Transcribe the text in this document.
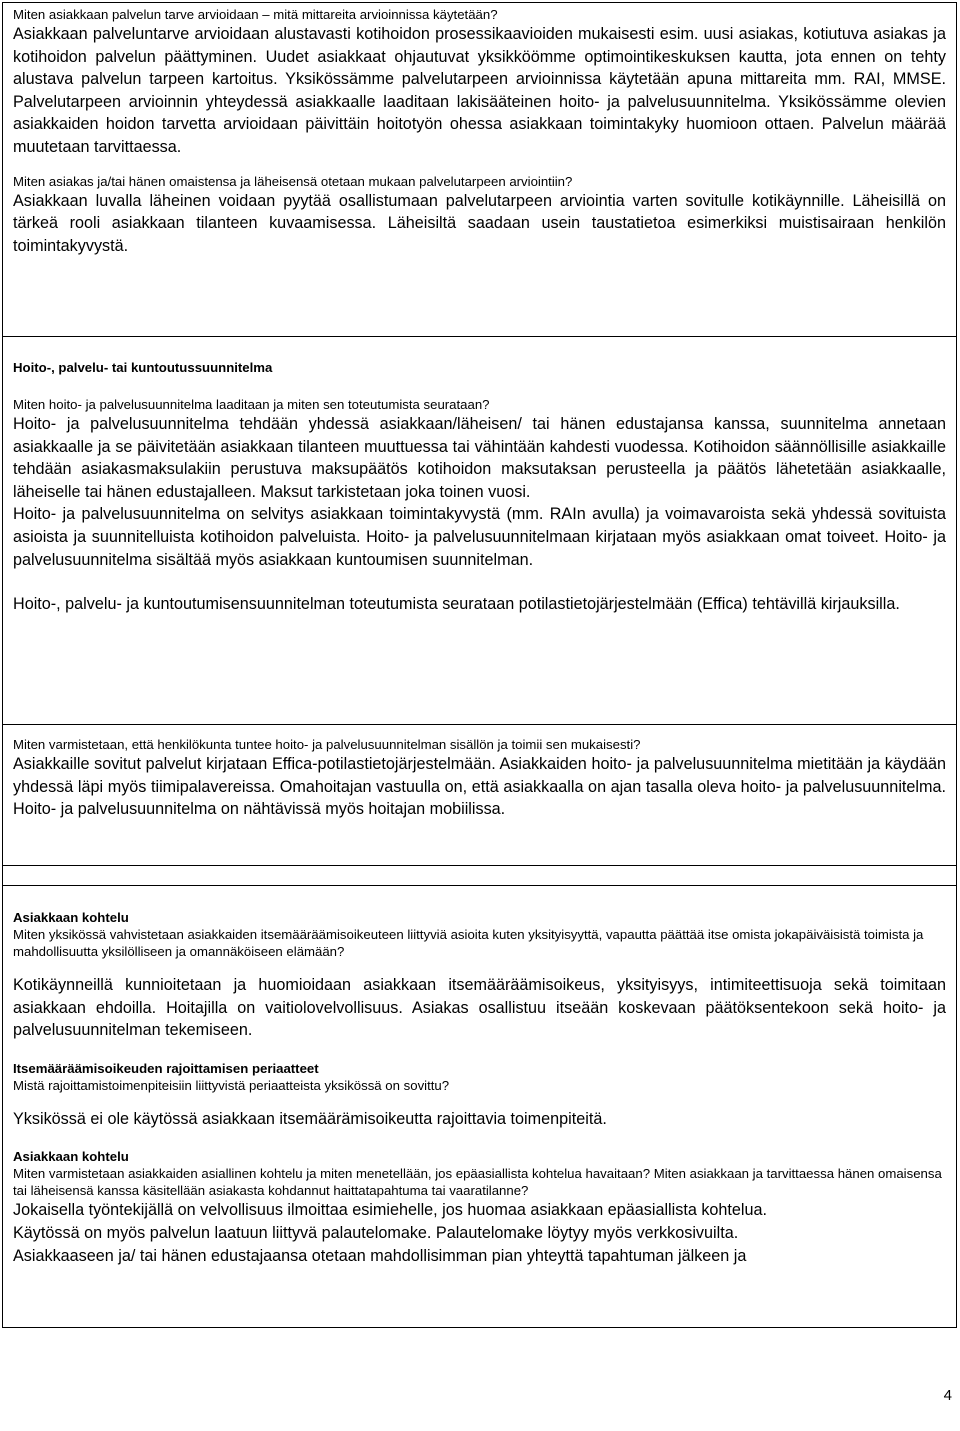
Miten asiakkaan palvelun tarve arvioidaan – mitä mittareita arvioinnissa käytetään?

Asiakkaan palveluntarve arvioidaan alustavasti kotihoidon prosessikaavioiden mukaisesti esim. uusi asiakas, kotiutuva asiakas ja kotihoidon palvelun päättyminen. Uudet asiakkaat ohjautuvat yksikköömme optimointikeskuksen kautta, jota ennen on tehty alustava palvelun tarpeen kartoitus. Yksikössämme palvelutarpeen arvioinnissa käytetään apuna mittareita mm. RAI, MMSE. Palvelutarpeen arvioinnin yhteydessä asiakkaalle laaditaan lakisääteinen hoito- ja palvelusuunnitelma. Yksikössämme olevien asiakkaiden hoidon tarvetta arvioidaan päivittäin hoitotyön ohessa asiakkaan toimintakyky huomioon ottaen. Palvelun määrää muutetaan tarvittaessa.

Miten asiakas ja/tai hänen omaistensa ja läheisensä otetaan mukaan palvelutarpeen arviointiin?

Asiakkaan luvalla läheinen voidaan pyytää osallistumaan palvelutarpeen arviointia varten sovitulle kotikäynnille. Läheisillä on tärkeä rooli asiakkaan tilanteen kuvaamisessa. Läheisiltä saadaan usein taustatietoa esimerkiksi muistisairaan henkilön toimintakyvystä.

Hoito-, palvelu- tai kuntoutussuunnitelma

Miten hoito- ja palvelusuunnitelma laaditaan ja miten sen toteutumista seurataan?

Hoito- ja palvelusuunnitelma tehdään yhdessä asiakkaan/läheisen/ tai hänen edustajansa kanssa, suunnitelma annetaan asiakkaalle ja se päivitetään asiakkaan tilanteen muuttuessa tai vähintään kahdesti vuodessa. Kotihoidon säännöllisille asiakkaille tehdään asiakasmaksulakiin perustuva maksupäätös kotihoidon maksutaksan perusteella ja päätös lähetetään asiakkaalle, läheiselle tai hänen edustajalleen. Maksut tarkistetaan joka toinen vuosi.

Hoito- ja palvelusuunnitelma on selvitys asiakkaan toimintakyvystä (mm. RAIn avulla) ja voimavaroista sekä yhdessä sovituista asioista ja suunnitelluista kotihoidon palveluista. Hoito- ja palvelusuunnitelmaan kirjataan myös asiakkaan omat toiveet. Hoito- ja palvelusuunnitelma sisältää myös asiakkaan kuntoumisen suunnitelman.

Hoito-, palvelu- ja kuntoutumisensuunnitelman toteutumista seurataan potilastietojärjestelmään (Effica) tehtävillä kirjauksilla.

Miten varmistetaan, että henkilökunta tuntee hoito- ja palvelusuunnitelman sisällön ja toimii sen mukaisesti?

Asiakkaille sovitut palvelut kirjataan Effica-potilastietojärjestelmään. Asiakkaiden hoito- ja palvelusuunnitelma mietitään ja käydään yhdessä läpi myös tiimipalavereissa. Omahoitajan vastuulla on, että asiakkaalla on ajan tasalla oleva hoito- ja palvelusuunnitelma. Hoito- ja palvelusuunnitelma on nähtävissä myös hoitajan mobiilissa.

Asiakkaan kohtelu

Miten yksikössä vahvistetaan asiakkaiden itsemääräämisoikeuteen liittyviä asioita kuten yksityisyyttä, vapautta päättää itse omista jokapäiväisistä toimista ja mahdollisuutta yksilölliseen ja omannäköiseen elämään?

Kotikäynneillä kunnioitetaan ja huomioidaan asiakkaan itsemääräämisoikeus, yksityisyys, intimiteettisuoja sekä toimitaan asiakkaan ehdoilla. Hoitajilla on vaitiolovelvollisuus. Asiakas osallistuu itseään koskevaan päätöksentekoon sekä hoito- ja palvelusuunnitelman tekemiseen.

Itsemääräämisoikeuden rajoittamisen periaatteet

Mistä rajoittamistoimenpiteisiin liittyvistä periaatteista yksikössä on sovittu?

Yksikössä ei ole käytössä asiakkaan itsemäärämisoikeutta rajoittavia toimenpiteitä.

Asiakkaan kohtelu

Miten varmistetaan asiakkaiden asiallinen kohtelu ja miten menetellään, jos epäasiallista kohtelua havaitaan? Miten asiakkaan ja tarvittaessa hänen omaisensa tai läheisensä kanssa käsitellään asiakasta kohdannut haittatapahtuma tai vaaratilanne?

Jokaisella työntekijällä on velvollisuus ilmoittaa esimiehelle, jos huomaa asiakkaan epäasiallista kohtelua.

Käytössä on myös palvelun laatuun liittyvä palautelomake. Palautelomake löytyy myös verkkosivuilta.

Asiakkaaseen ja/ tai hänen edustajaansa otetaan mahdollisimman pian yhteyttä tapahtuman jälkeen ja

4
